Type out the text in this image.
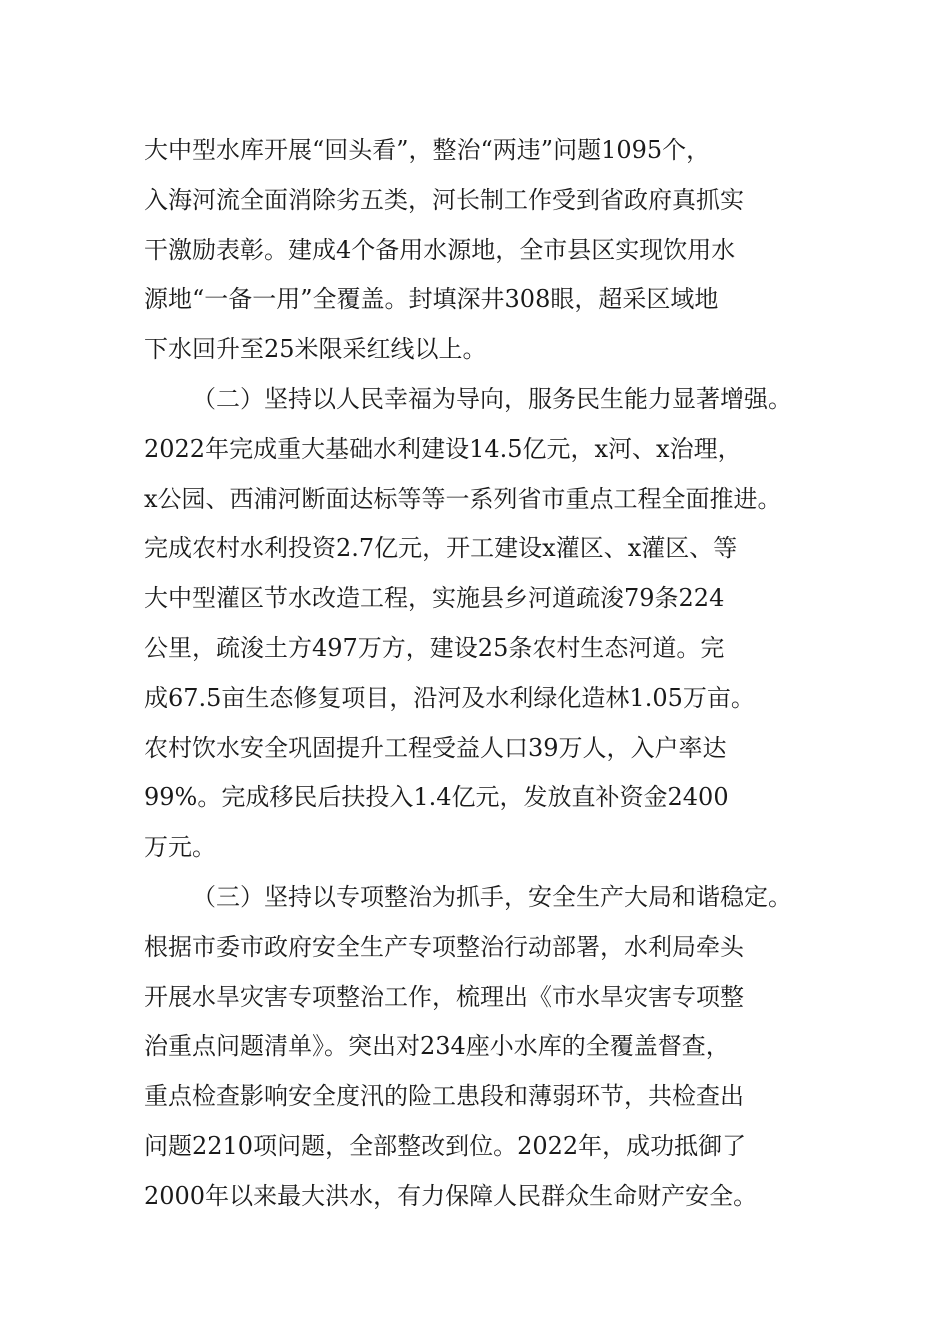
大中型水库开展“回头看”，整治“两违”问题1095个，
入海河流全面消除劣五类，河长制工作受到省政府真抓实
干激励表彰。建成4个备用水源地，全市县区实现饮用水
源地“一备一用”全覆盖。封填深井308眼，超采区域地
下水回升至25米限采红线以上。
（二）坚持以人民幸福为导向，服务民生能力显著增强。
2022年完成重大基础水利建设14.5亿元，x河、x治理，
x公园、西浦河断面达标等等一系列省市重点工程全面推进。
完成农村水利投资2.7亿元，开工建设x灌区、x灌区、等
大中型灌区节水改造工程，实施县乡河道疏浚79条224
公里，疏浚土方497万方，建设25条农村生态河道。完
成67.5亩生态修复项目，沿河及水利绿化造林1.05万亩。
农村饮水安全巩固提升工程受益人口39万人，入户率达
99%。完成移民后扶投入1.4亿元，发放直补资金2400
万元。
（三）坚持以专项整治为抓手，安全生产大局和谐稳定。
根据市委市政府安全生产专项整治行动部署，水利局牵头
开展水旱灾害专项整治工作，梳理出《市水旱灾害专项整
治重点问题清单》。突出对234座小水库的全覆盖督查，
重点检查影响安全度汛的险工患段和薄弱环节，共检查出
问题2210项问题，全部整改到位。2022年，成功抵御了
2000年以来最大洪水，有力保障人民群众生命财产安全。
